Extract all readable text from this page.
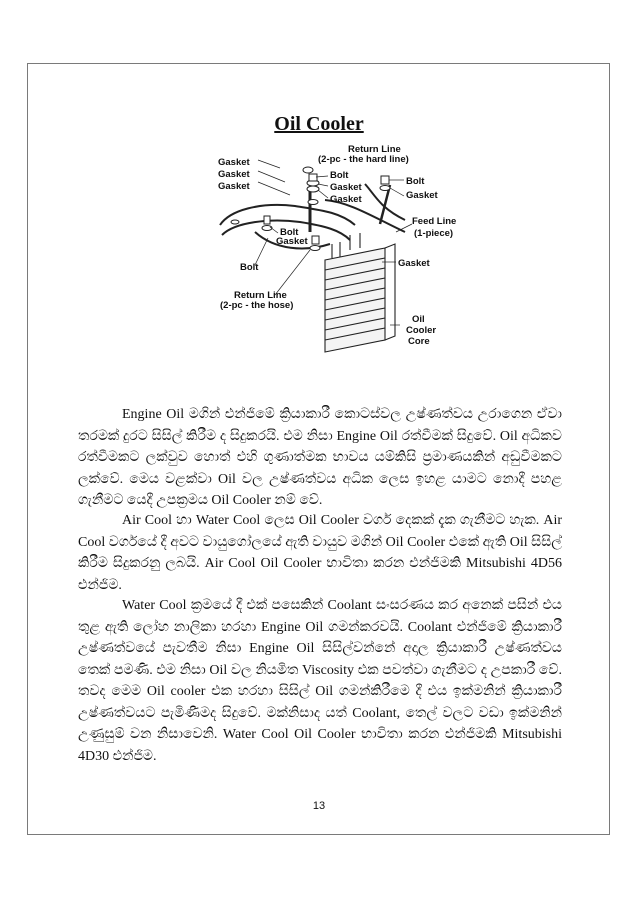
Oil Cooler
Gasket
Gasket
Gasket
Return Line
(2-pc - the hard line)
Bolt
Gasket
Gasket
Bolt
Gasket
Feed Line
(1-piece)
Bolt
Gasket
Bolt	Gasket
Return Line
(2-pc - the hose)
Oil
Cooler
Core

Engine Oil මගින් එන්ජිමේ ක්‍රියාකාරී කොටස්වල උෂ්ණත්වය උරාගෙන ඒවා තරමක් දුරට සිසිල් කිරීම ද සිදුකරයි. එම නිසා Engine Oil රත්වීමක් සිදුවේ. Oil අධිකව රත්වීමකට ලක්වුව හොත් එහි ගුණාත්මක භාවය යම්කිසි ප්‍රමාණයකින් අඩුවීමකට ලක්වේ. මෙය වළක්වා Oil වල උෂ්ණත්වය අධික ලෙස ඉහළ යාමට නොදී පහළ ගැනීමට යෙදී උපක්‍රමය Oil Cooler නම් වේ.

Air Cool හා Water Cool ලෙස Oil Cooler වර්ග දෙකක් දැක ගැනීමට හැක. Air Cool වර්ගයේ දී අවට වායුගෝලයේ ඇති වායුව මගින් Oil Cooler එකේ ඇති Oil සිසිල් කිරීම සිදුකරනු ලබයි. Air Cool Oil Cooler භාවිතා කරන එන්ජිමකි Mitsubishi 4D56 එන්ජිම.

Water Cool ක්‍රමයේ දී එක් පසෙකින් Coolant සංසරණය කර අනෙක් පසින් එය තුළ ඇති ලෝහ නාලිකා හරහා Engine Oil ගමන්කරවයි. Coolant එන්ජිමේ ක්‍රියාකාරී උෂ්ණත්වයේ පැවතීම නිසා Engine Oil සිසිල්වන්නේ අදාල ක්‍රියාකාරී උෂ්ණත්වය තෙක් පමණි. එම නිසා Oil වල නියමිත Viscosity එක පවත්වා ගැනීමට ද උපකාරී වේ. තවද මෙම Oil cooler එක හරහා සිසිල් Oil ගමන්කිරීමෙ දී එය ඉක්මනින් ක්‍රියාකාරී උෂ්ණත්වයට පැමිණීමද සිදුවේ. මක්නිසාද යත් Coolant, තෙල් වලට වඩා ඉක්මනින් උණුසුම් වන නිසාවෙනි. Water Cool Oil Cooler භාවිතා කරන එන්ජිමකි Mitsubishi 4D30 එන්ජිම.

13
